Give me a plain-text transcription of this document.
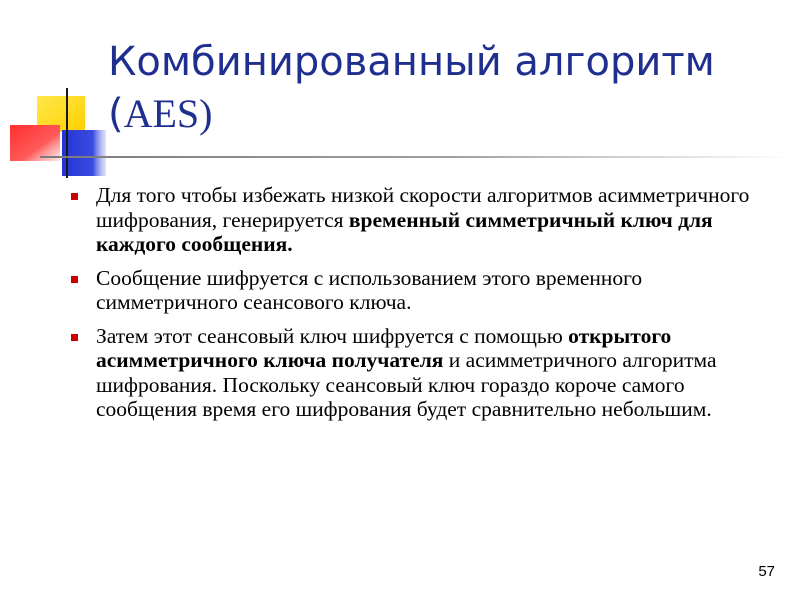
Комбинированный алгоритм
(AES)
Для того чтобы избежать низкой скорости алгоритмов асимметричного шифрования, генерируется временный симметричный ключ для каждого сообщения.
Сообщение шифруется с использованием этого временного симметричного сеансового ключа.
Затем этот сеансовый ключ шифруется с помощью открытого асимметричного ключа получателя и асимметричного алгоритма шифрования. Поскольку сеансовый ключ гораздо короче самого сообщения время его шифрования будет сравнительно небольшим.
57
